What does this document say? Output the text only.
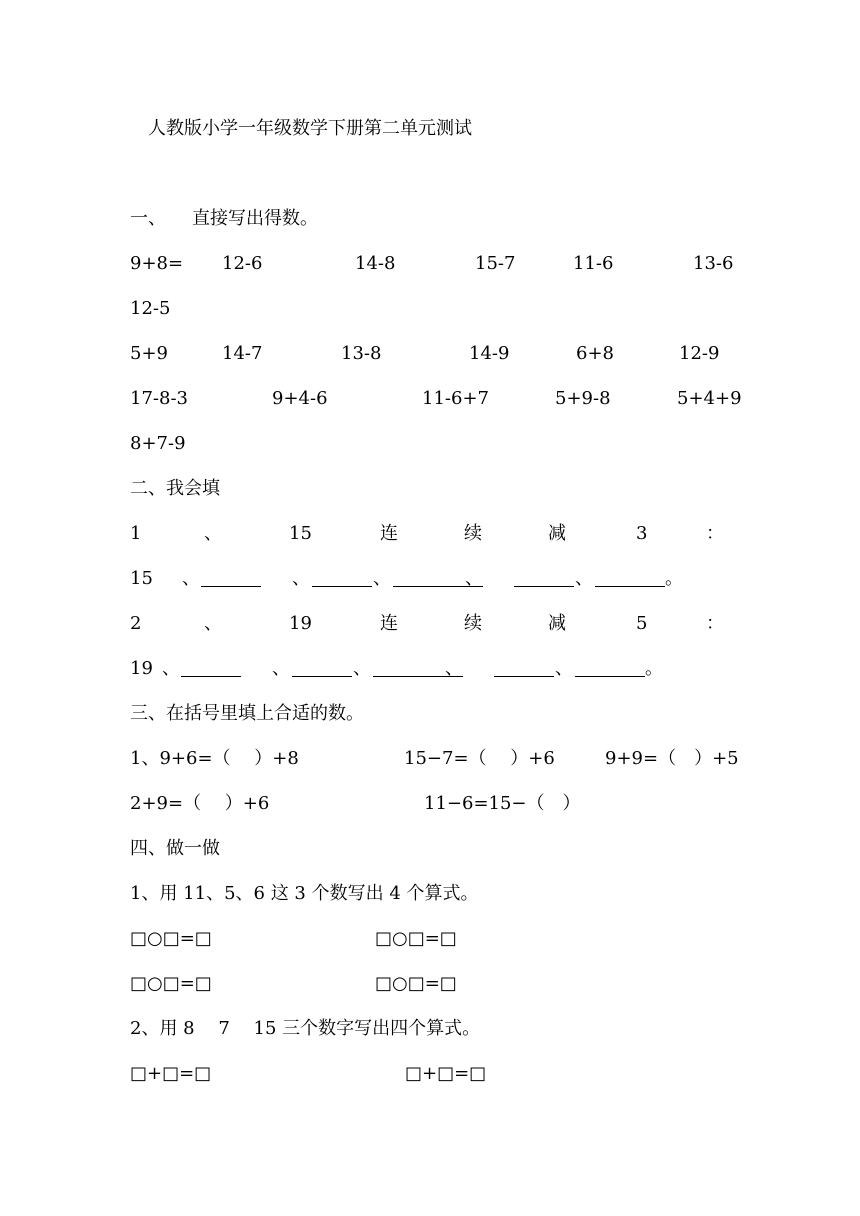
人教版小学一年级数学下册第二单元测试
一、 直接写出得数。
9+8= 12-6	14-8	15-7	11-6	13-6
12-5
5+9	14-7	13-8	14-9	6+8	12-9
17-8-3	9+4-6	11-6+7	5+9-8	5+4+9
8+7-9
二、我会填
1	、	15	连	续	减	3	：
15 、	、	、	、	、	。
2	、	19	连	续	减	5	：
19 、	、	、	、	、	。
三、在括号里填上合适的数。
1、9+6=（　 ）+8	15−7=（　 ）+6	9+9=（　）+5
2+9=（　 ）+6	11−6=15−（　）
四、做一做
1、用 11、5、6 这 3 个数写出 4 个算式。
□○□=□	□○□=□
□○□=□	□○□=□
2、用 8　 7　 15 三个数字写出四个算式。
□+□=□	□+□=□
